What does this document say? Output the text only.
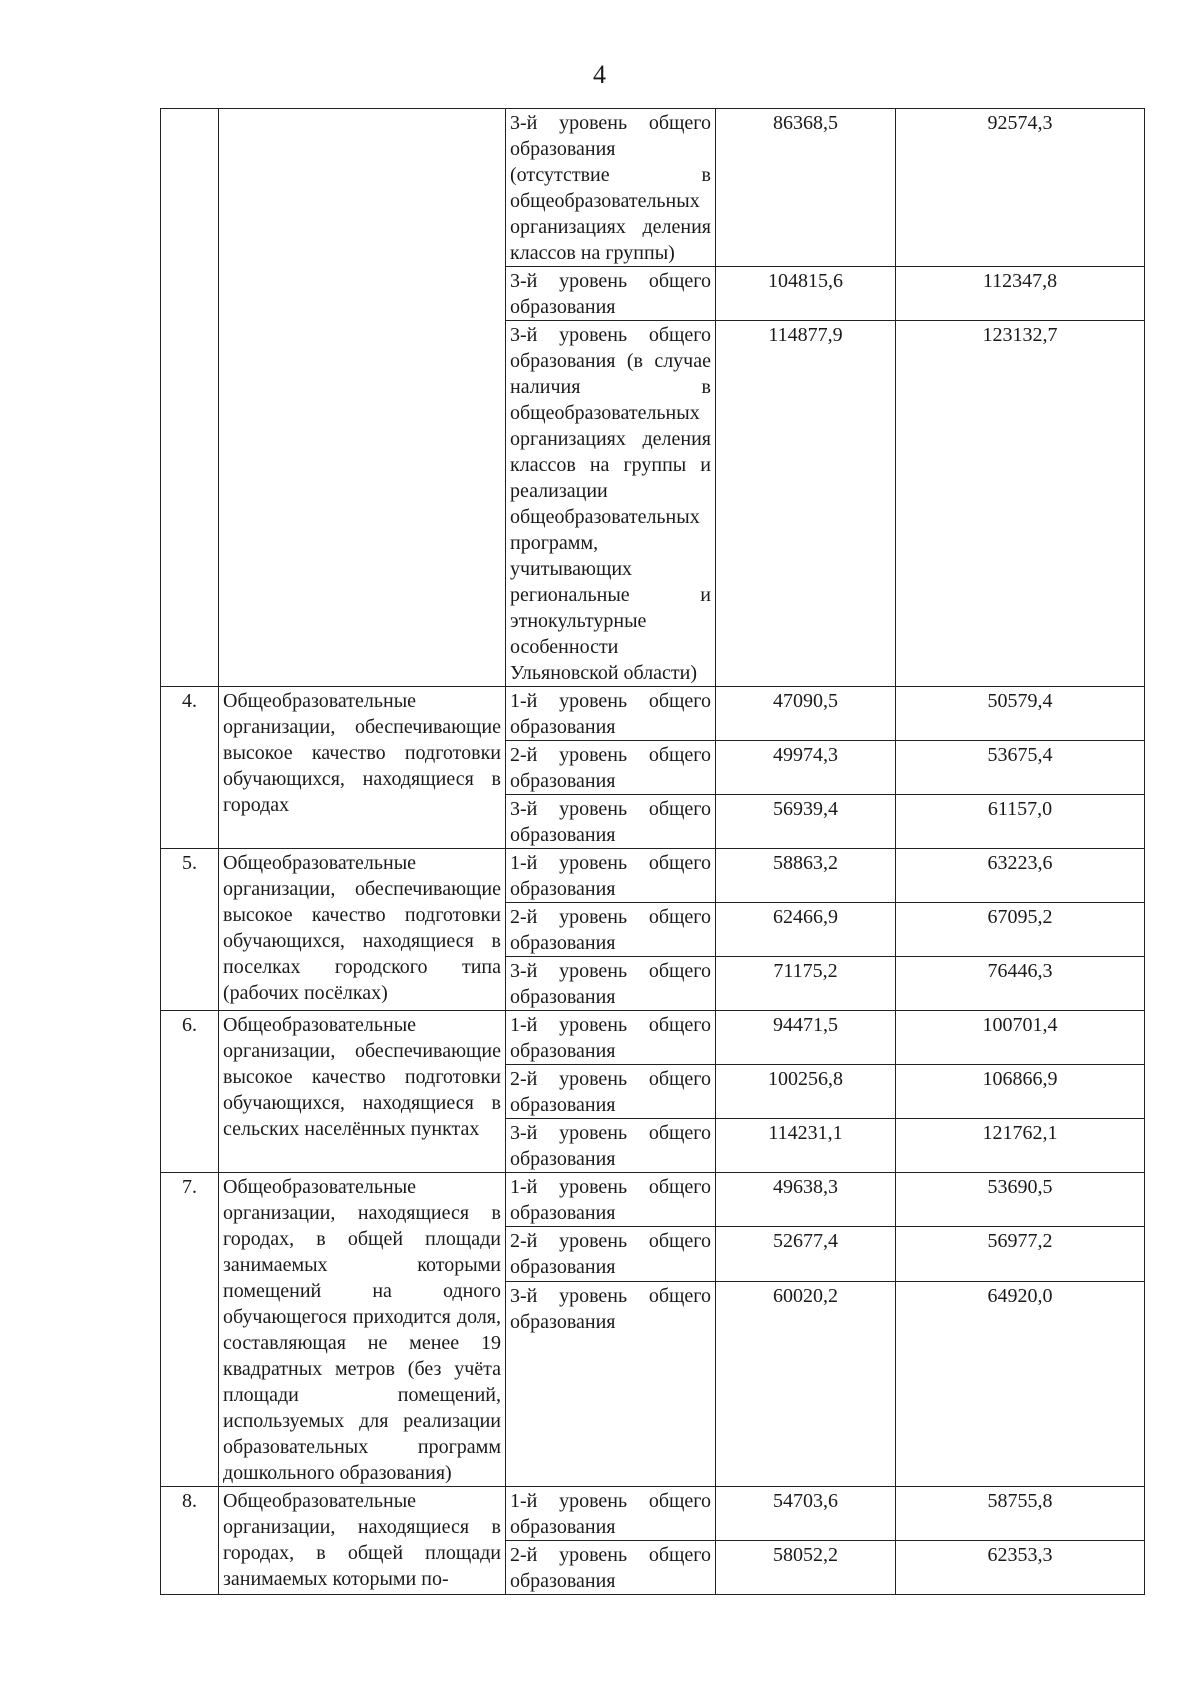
4
		3-й уровень общего образования (отсутствие в общеобразовательных организациях деления классов на группы)	86368,5	92574,3
		3-й уровень общего образования	104815,6	112347,8
		3-й уровень общего образования (в случае наличия в общеобразовательных организациях деления классов на группы и реализации общеобразовательных программ, учитывающих региональные и этнокультурные особенности Ульяновской области)	114877,9	123132,7
4.	Общеобразовательные организации, обеспечивающие высокое качество подготовки обучающихся, находящиеся в городах	1-й уровень общего образования	47090,5	50579,4
		2-й уровень общего образования	49974,3	53675,4
		3-й уровень общего образования	56939,4	61157,0
5.	Общеобразовательные организации, обеспечивающие высокое качество подготовки обучающихся, находящиеся в поселках городского типа (рабочих посёлках)	1-й уровень общего образования	58863,2	63223,6
		2-й уровень общего образования	62466,9	67095,2
		3-й уровень общего образования	71175,2	76446,3
6.	Общеобразовательные организации, обеспечивающие высокое качество подготовки обучающихся, находящиеся в сельских населённых пунктах	1-й уровень общего образования	94471,5	100701,4
		2-й уровень общего образования	100256,8	106866,9
		3-й уровень общего образования	114231,1	121762,1
7.	Общеобразовательные организации, находящиеся в городах, в общей площади занимаемых которыми помещений на одного обучающегося приходится доля, составляющая не менее 19 квадратных метров (без учёта площади помещений, используемых для реализации образовательных программ дошкольного образования)	1-й уровень общего образования	49638,3	53690,5
		2-й уровень общего образования	52677,4	56977,2
		3-й уровень общего образования	60020,2	64920,0
8.	Общеобразовательные организации, находящиеся в городах, в общей площади занимаемых которыми по-	1-й уровень общего образования	54703,6	58755,8
		2-й уровень общего образования	58052,2	62353,3
